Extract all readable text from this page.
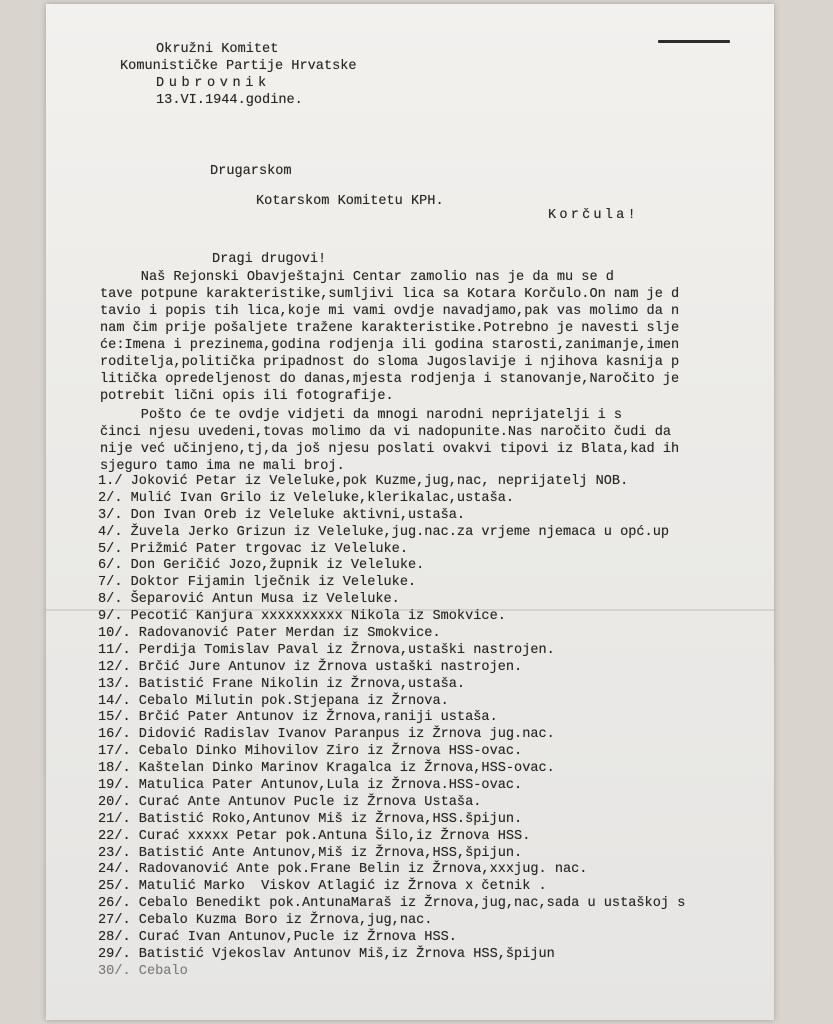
Okružni Komitet
Komunističke Partije Hrvatske
Dubrovnik
13.VI.1944.godine.
Drugarskom
Kotarskom Komitetu KPH.
Korčula!
Dragi drugovi!
Naš Rejonski Obavještajni Centar zamolio nas je da mu se d
tave potpune karakteristike,sumljivi lica sa Kotara Korčulo.On nam je d
tavio i popis tih lica,koje mi vami ovdje navadjamo,pak vas molimo da n
nam čim prije pošaljete tražene karakteristike.Potrebno je navesti slje
će:Imena i prezinema,godina rodjenja ili godina starosti,zanimanje,imen
roditelja,politička pripadnost do sloma Jugoslavije i njihova kasnija p
litička opredeljenost do danas,mjesta rodjenja i stanovanje,Naročito je
potrebit lični opis ili fotografije.
Pošto će te ovdje vidjeti da mnogi narodni neprijatelji i s
činci njesu uvedeni,tovas molimo da vi nadopunite.Nas naročito čudi da
nije već učinjeno,tj,da još njesu poslati ovakvi tipovi iz Blata,kad ih
sjeguro tamo ima ne mali broj.
1./ Joković Petar iz Veleluke,pok Kuzme,jug,nac, neprijatelj NOB.
2/. Mulić Ivan Grilo iz Veleluke,klerikalac,ustaša.
3/. Don Ivan Oreb iz Veleluke aktivni,ustaša.
4/. Žuvela Jerko Grizun iz Veleluke,jug.nac.za vrjeme njemaca u opć.up
5/. Prižmić Pater trgovac iz Veleluke.
6/. Don Geričić Jozo,župnik iz Veleluke.
7/. Doktor Fijamin lječnik iz Veleluke.
8/. Šeparović Antun Musa iz Veleluke.
9/. Pecotić Kanjura xxxxxxxxxx Nikola iz Smokvice.
10/. Radovanović Pater Merdan iz Smokvice.
11/. Perdija Tomislav Paval iz Žrnova,ustaški nastrojen.
12/. Brčić Jure Antunov iz Žrnova ustaški nastrojen.
13/. Batistić Frane Nikolin iz Žrnova,ustaša.
14/. Cebalo Milutin pok.Stjepana iz Žrnova.
15/. Brčić Pater Antunov iz Žrnova,raniji ustaša.
16/. Didović Radislav Ivanov Paranpus iz Žrnova jug.nac.
17/. Cebalo Dinko Mihovilov Ziro iz Žrnova HSS-ovac.
18/. Kaštelan Dinko Marinov Kragalca iz Žrnova,HSS-ovac.
19/. Matulica Pater Antunov,Lula iz Žrnova.HSS-ovac.
20/. Curać Ante Antunov Pucle iz Žrnova Ustaša.
21/. Batistić Roko,Antunov Miš iz Žrnova,HSS.špijun.
22/. Curać xxxxx Petar pok.Antuna Šilo,iz Žrnova HSS.
23/. Batistić Ante Antunov,Miš iz Žrnova,HSS,špijun.
24/. Radovanović Ante pok.Frane Belin iz Žrnova,xxxjug. nac.
25/. Matulić Marko  Viskov Atlagić iz Žrnova x četnik .
26/. Cebalo Benedikt pok.AntunaMaraš iz Žrnova,jug,nac,sada u ustaškoj s
27/. Cebalo Kuzma Boro iz Žrnova,jug,nac.
28/. Curać Ivan Antunov,Pucle iz Žrnova HSS.
29/. Batistić Vjekoslav Antunov Miš,iz Žrnova HSS,špijun
30/. Cebalo
